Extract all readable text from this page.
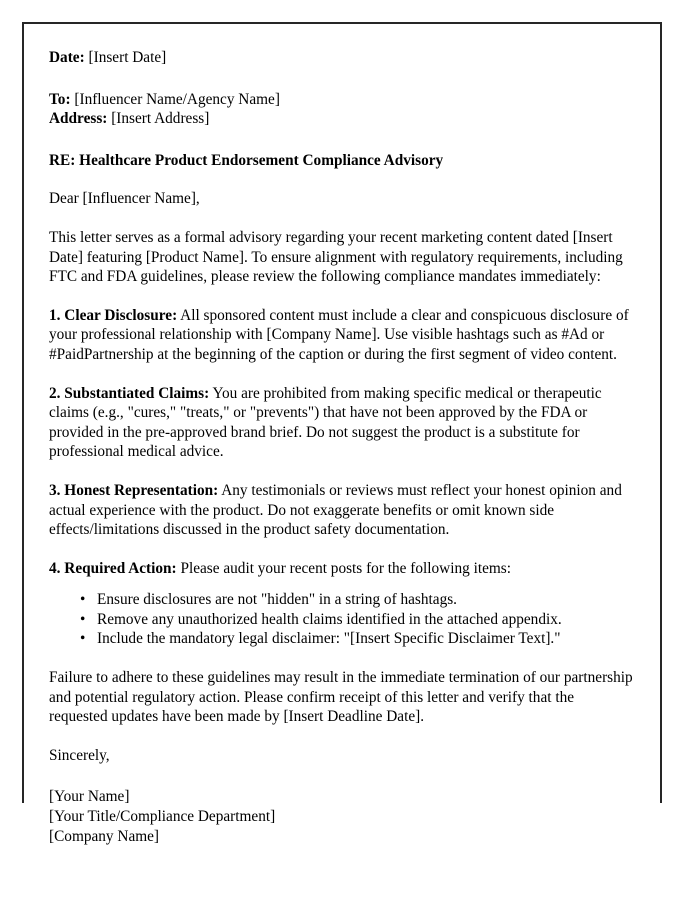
Date: [Insert Date]
To: [Influencer Name/Agency Name]
Address: [Insert Address]
RE: Healthcare Product Endorsement Compliance Advisory
Dear [Influencer Name],

This letter serves as a formal advisory regarding your recent marketing content dated [Insert Date] featuring [Product Name]. To ensure alignment with regulatory requirements, including FTC and FDA guidelines, please review the following compliance mandates immediately:

1. Clear Disclosure: All sponsored content must include a clear and conspicuous disclosure of your professional relationship with [Company Name]. Use visible hashtags such as #Ad or #PaidPartnership at the beginning of the caption or during the first segment of video content.

2. Substantiated Claims: You are prohibited from making specific medical or therapeutic claims (e.g., "cures," "treats," or "prevents") that have not been approved by the FDA or provided in the pre-approved brand brief. Do not suggest the product is a substitute for professional medical advice.

3. Honest Representation: Any testimonials or reviews must reflect your honest opinion and actual experience with the product. Do not exaggerate benefits or omit known side effects/limitations discussed in the product safety documentation.

4. Required Action: Please audit your recent posts for the following items:

• Ensure disclosures are not "hidden" in a string of hashtags.
• Remove any unauthorized health claims identified in the attached appendix.
• Include the mandatory legal disclaimer: "[Insert Specific Disclaimer Text]."

Failure to adhere to these guidelines may result in the immediate termination of our partnership and potential regulatory action. Please confirm receipt of this letter and verify that the requested updates have been made by [Insert Deadline Date].

Sincerely,
[Your Name]
[Your Title/Compliance Department]
[Company Name]
